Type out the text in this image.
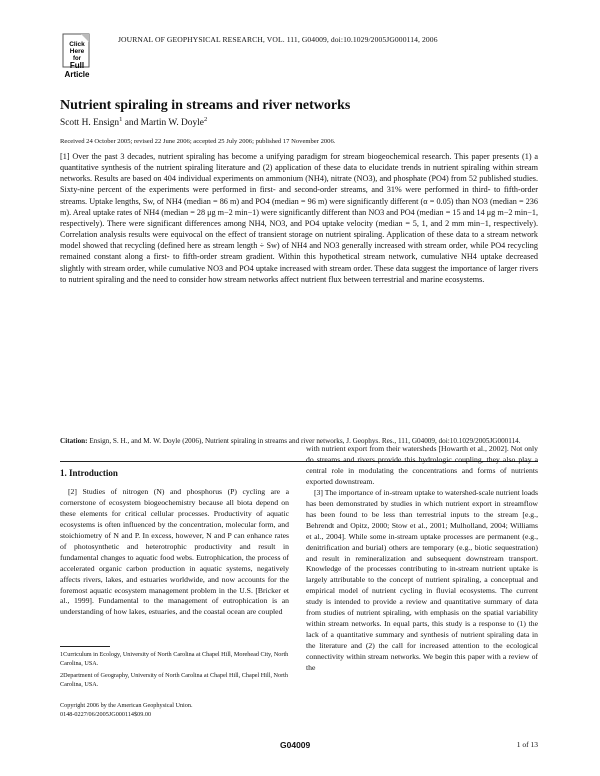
Click
Here
for
Full
Article
JOURNAL OF GEOPHYSICAL RESEARCH, VOL. 111, G04009, doi:10.1029/2005JG000114, 2006
Nutrient spiraling in streams and river networks
Scott H. Ensign$^1$ and Martin W. Doyle$^2$
Received 24 October 2005; revised 22 June 2006; accepted 25 July 2006; published 17 November 2006.
[1] Over the past 3 decades, nutrient spiraling has become a unifying paradigm for stream biogeochemical research. This paper presents (1) a quantitative synthesis of the nutrient spiraling literature and (2) application of these data to elucidate trends in nutrient spiraling within stream networks. Results are based on 404 individual experiments on ammonium (NH4), nitrate (NO3), and phosphate (PO4) from 52 published studies. Sixty-nine percent of the experiments were performed in first- and second-order streams, and 31% were performed in third- to fifth-order streams. Uptake lengths, Sw, of NH4 (median = 86 m) and PO4 (median = 96 m) were significantly different (α = 0.05) than NO3 (median = 236 m). Areal uptake rates of NH4 (median = 28 μg m−2 min−1) were significantly different than NO3 and PO4 (median = 15 and 14 μg m−2 min−1, respectively). There were significant differences among NH4, NO3, and PO4 uptake velocity (median = 5, 1, and 2 mm min−1, respectively). Correlation analysis results were equivocal on the effect of transient storage on nutrient spiraling. Application of these data to a stream network model showed that recycling (defined here as stream length ÷ Sw) of NH4 and NO3 generally increased with stream order, while PO4 recycling remained constant along a first- to fifth-order stream gradient. Within this hypothetical stream network, cumulative NH4 uptake decreased slightly with stream order, while cumulative NO3 and PO4 uptake increased with stream order. These data suggest the importance of larger rivers to nutrient spiraling and the need to consider how stream networks affect nutrient flux between terrestrial and marine ecosystems.
Citation: Ensign, S. H., and M. W. Doyle (2006), Nutrient spiraling in streams and river networks, J. Geophys. Res., 111, G04009, doi:10.1029/2005JG000114.
1. Introduction

[2] Studies of nitrogen (N) and phosphorus (P) cycling are a cornerstone of ecosystem biogeochemistry because all biota depend on these elements for critical cellular processes. Productivity of aquatic ecosystems is often influenced by the concentration, molecular form, and stoichiometry of N and P. In excess, however, N and P can enhance rates of photosynthetic and heterotrophic productivity and result in fundamental changes to aquatic food webs. Eutrophication, the process of accelerated organic carbon production in aquatic systems, negatively affects rivers, lakes, and estuaries worldwide, and now accounts for the foremost aquatic ecosystem management problem in the U.S. [Bricker et al., 1999]. Fundamental to the management of eutrophication is an understanding of how lakes, estuaries, and the coastal ocean are coupled

with nutrient export from their watersheds [Howarth et al., 2002]. Not only do streams and rivers provide this hydrologic coupling, they also play a central role in modulating the concentrations and forms of nutrients exported downstream.

[3] The importance of in-stream uptake to watershed-scale nutrient loads has been demonstrated by studies in which nutrient export in streamflow has been found to be less than terrestrial inputs to the stream [e.g., Behrendt and Opitz, 2000; Stow et al., 2001; Mulholland, 2004; Williams et al., 2004]. While some in-stream uptake processes are permanent (e.g., denitrification and burial) others are temporary (e.g., biotic sequestration) and result in remineralization and subsequent downstream transport. Knowledge of the processes contributing to in-stream nutrient uptake is largely attributable to the concept of nutrient spiraling, a conceptual and empirical model of nutrient cycling in fluvial ecosystems. The current study is intended to provide a review and quantitative summary of data from studies of nutrient spiraling, with emphasis on the spatial variability within stream networks. In equal parts, this study is a response to (1) the lack of a quantitative summary and synthesis of nutrient spiraling data in the literature and (2) the call for increased attention to the ecological connectivity within stream networks. We begin this paper with a review of the

1Curriculum in Ecology, University of North Carolina at Chapel Hill, Morehead City, North Carolina, USA.
2Department of Geography, University of North Carolina at Chapel Hill, Chapel Hill, North Carolina, USA.
Copyright 2006 by the American Geophysical Union.
0148-0227/06/2005JG000114$09.00
G04009	1 of 13
